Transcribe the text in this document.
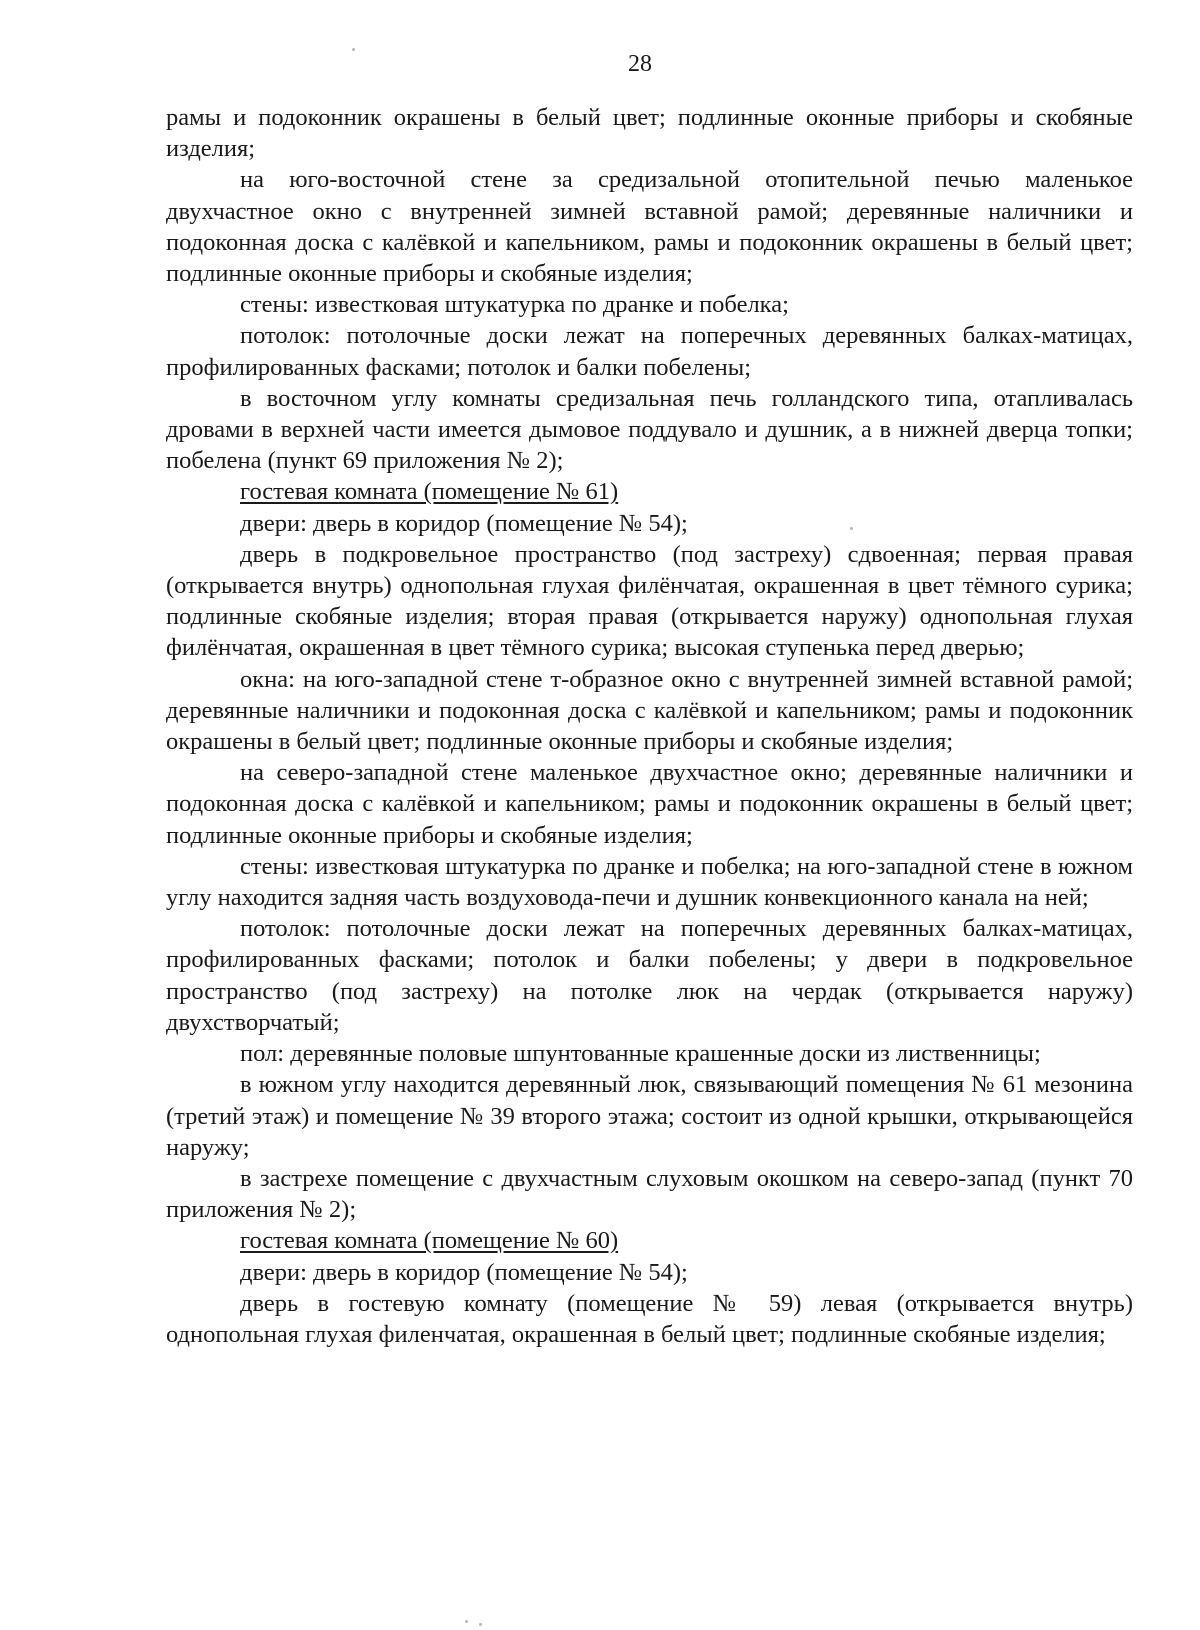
28

рамы и подоконник окрашены в белый цвет; подлинные оконные приборы и скобяные изделия;

на юго-восточной стене за средизальной отопительной печью маленькое двухчастное окно с внутренней зимней вставной рамой; деревянные наличники и подоконная доска с калёвкой и капельником, рамы и подоконник окрашены в белый цвет; подлинные оконные приборы и скобяные изделия;

стены: известковая штукатурка по дранке и побелка;

потолок: потолочные доски лежат на поперечных деревянных балках-матицах, профилированных фасками; потолок и балки побелены;

в восточном углу комнаты средизальная печь голландского типа, отапливалась дровами в верхней части имеется дымовое поддувало и душник, а в нижней дверца топки; побелена (пункт 69 приложения № 2);

гостевая комната (помещение № 61)

двери: дверь в коридор (помещение № 54);

дверь в подкровельное пространство (под застреху) сдвоенная; первая правая (открывается внутрь) однопольная глухая филёнчатая, окрашенная в цвет тёмного сурика; подлинные скобяные изделия; вторая правая (открывается наружу) однопольная глухая филёнчатая, окрашенная в цвет тёмного сурика; высокая ступенька перед дверью;

окна: на юго-западной стене т-образное окно с внутренней зимней вставной рамой; деревянные наличники и подоконная доска с калёвкой и капельником; рамы и подоконник окрашены в белый цвет; подлинные оконные приборы и скобяные изделия;

на северо-западной стене маленькое двухчастное окно; деревянные наличники и подоконная доска с калёвкой и капельником; рамы и подоконник окрашены в белый цвет; подлинные оконные приборы и скобяные изделия;

стены: известковая штукатурка по дранке и побелка; на юго-западной стене в южном углу находится задняя часть воздуховода-печи и душник конвекционного канала на ней;

потолок: потолочные доски лежат на поперечных деревянных балках-матицах, профилированных фасками; потолок и балки побелены; у двери в подкровельное пространство (под застреху) на потолке люк на чердак (открывается наружу) двухстворчатый;

пол: деревянные половые шпунтованные крашенные доски из лиственницы;

в южном углу находится деревянный люк, связывающий помещения № 61 мезонина (третий этаж) и помещение № 39 второго этажа; состоит из одной крышки, открывающейся наружу;

в застрехе помещение с двухчастным слуховым окошком на северо-запад (пункт 70 приложения № 2);

гостевая комната (помещение № 60)

двери: дверь в коридор (помещение № 54);

дверь в гостевую комнату (помещение № 59) левая (открывается внутрь) однопольная глухая филенчатая, окрашенная в белый цвет; подлинные скобяные изделия;
